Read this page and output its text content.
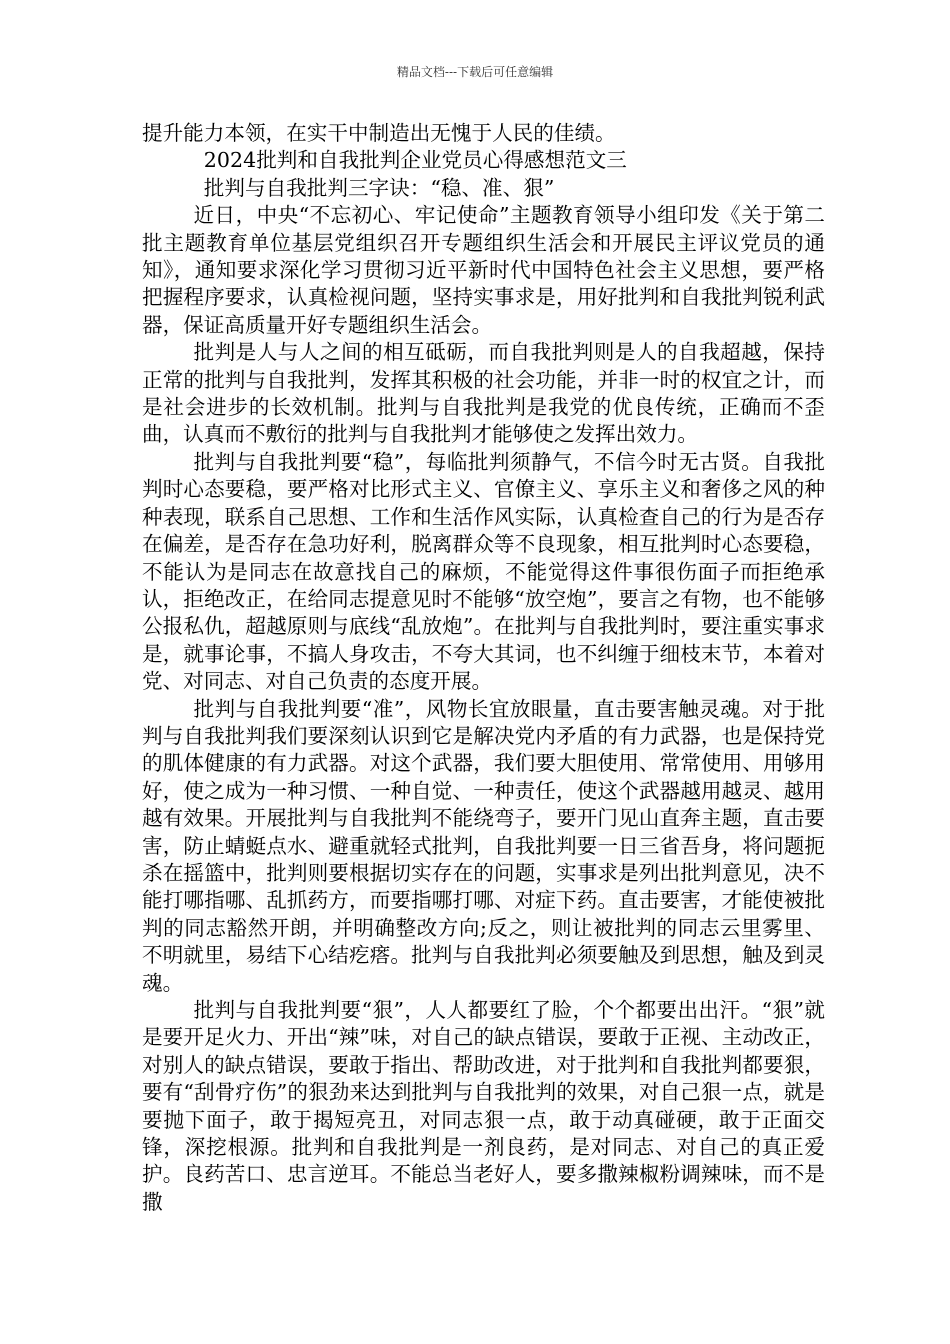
精品文档---下载后可任意编辑

提升能力本领，在实干中制造出无愧于人民的佳绩。

2024批判和自我批判企业党员心得感想范文三

批判与自我批判三字诀：“稳、准、狠”

近日，中央“不忘初心、牢记使命”主题教育领导小组印发《关于第二批主题教育单位基层党组织召开专题组织生活会和开展民主评议党员的通知》，通知要求深化学习贯彻习近平新时代中国特色社会主义思想，要严格把握程序要求，认真检视问题，坚持实事求是，用好批判和自我批判锐利武器，保证高质量开好专题组织生活会。

批判是人与人之间的相互砥砺，而自我批判则是人的自我超越，保持正常的批判与自我批判，发挥其积极的社会功能，并非一时的权宜之计，而是社会进步的长效机制。批判与自我批判是我党的优良传统，正确而不歪曲，认真而不敷衍的批判与自我批判才能够使之发挥出效力。

批判与自我批判要“稳”，每临批判须静气，不信今时无古贤。自我批判时心态要稳，要严格对比形式主义、官僚主义、享乐主义和奢侈之风的种种表现，联系自己思想、工作和生活作风实际，认真检查自己的行为是否存在偏差，是否存在急功好利，脱离群众等不良现象，相互批判时心态要稳，不能认为是同志在故意找自己的麻烦，不能觉得这件事很伤面子而拒绝承认，拒绝改正，在给同志提意见时不能够“放空炮”，要言之有物，也不能够公报私仇，超越原则与底线“乱放炮”。在批判与自我批判时，要注重实事求是，就事论事，不搞人身攻击，不夸大其词，也不纠缠于细枝末节，本着对党、对同志、对自己负责的态度开展。

批判与自我批判要“准”，风物长宜放眼量，直击要害触灵魂。对于批判与自我批判我们要深刻认识到它是解决党内矛盾的有力武器，也是保持党的肌体健康的有力武器。对这个武器，我们要大胆使用、常常使用、用够用好，使之成为一种习惯、一种自觉、一种责任，使这个武器越用越灵、越用越有效果。开展批判与自我批判不能绕弯子，要开门见山直奔主题，直击要害，防止蜻蜓点水、避重就轻式批判，自我批判要一日三省吾身，将问题扼杀在摇篮中，批判则要根据切实存在的问题，实事求是列出批判意见，决不能打哪指哪、乱抓药方，而要指哪打哪、对症下药。直击要害，才能使被批判的同志豁然开朗，并明确整改方向;反之，则让被批判的同志云里雾里、不明就里，易结下心结疙瘩。批判与自我批判必须要触及到思想，触及到灵魂。

批判与自我批判要“狠”，人人都要红了脸，个个都要出出汗。“狠”就是要开足火力、开出“辣”味，对自己的缺点错误，要敢于正视、主动改正，对别人的缺点错误，要敢于指出、帮助改进，对于批判和自我批判都要狠，要有“刮骨疗伤”的狠劲来达到批判与自我批判的效果，对自己狠一点，就是要抛下面子，敢于揭短亮丑，对同志狠一点，敢于动真碰硬，敢于正面交锋，深挖根源。批判和自我批判是一剂良药，是对同志、对自己的真正爱护。良药苦口、忠言逆耳。不能总当老好人，要多撒辣椒粉调辣味，而不是撒
